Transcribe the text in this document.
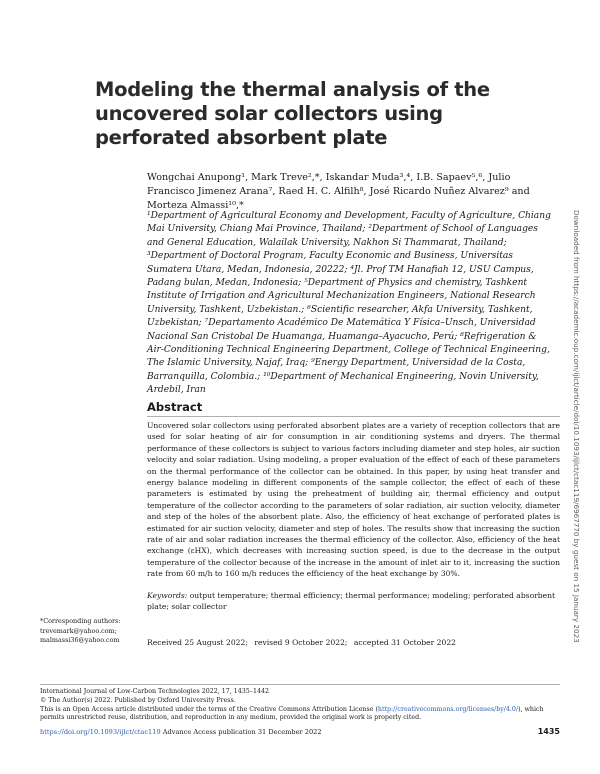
Modeling the thermal analysis of the uncovered solar collectors using perforated absorbent plate
Wongchai Anupong¹, Mark Treve²,*, Iskandar Muda³,⁴, I.B. Sapaev⁵,⁶, Julio Francisco Jimenez Arana⁷, Raed H. C. Alfilh⁸, José Ricardo Nuñez Alvarez⁹ and Morteza Almassi¹⁰,*
¹Department of Agricultural Economy and Development, Faculty of Agriculture, Chiang Mai University, Chiang Mai Province, Thailand; ²Department of School of Languages and General Education, Walailak University, Nakhon Si Thammarat, Thailand; ³Department of Doctoral Program, Faculty Economic and Business, Universitas Sumatera Utara, Medan, Indonesia, 20222; ⁴Jl. Prof TM Hanafiah 12, USU Campus, Padang bulan, Medan, Indonesia; ⁵Department of Physics and chemistry, Tashkent Institute of Irrigation and Agricultural Mechanization Engineers, National Research University, Tashkent, Uzbekistan.; ⁶Scientific researcher, Akfa University, Tashkent, Uzbekistan; ⁷Departamento Académico De Matemática Y Física–Unsch, Universidad Nacional San Cristobal De Huamanga, Huamanga–Ayacucho, Perú; ⁸Refrigeration & Air-Conditioning Technical Engineering Department, College of Technical Engineering, The Islamic University, Najaf, Iraq; ⁹Energy Department, Universidad de la Costa, Barranquilla, Colombia.; ¹⁰Department of Mechanical Engineering, Novin University, Ardebil, Iran
Abstract
Uncovered solar collectors using perforated absorbent plates are a variety of reception collectors that are used for solar heating of air for consumption in air conditioning systems and dryers. The thermal performance of these collectors is subject to various factors including diameter and step holes, air suction velocity and solar radiation. Using modeling, a proper evaluation of the effect of each of these parameters on the thermal performance of the collector can be obtained. In this paper, by using heat transfer and energy balance modeling in different components of the sample collector, the effect of each of these parameters is estimated by using the preheatment of building air, thermal efficiency and output temperature of the collector according to the parameters of solar radiation, air suction velocity, diameter and step of the holes of the absorbent plate. Also, the efficiency of heat exchange of perforated plates is estimated for air suction velocity, diameter and step of holes. The results show that increasing the suction rate of air and solar radiation increases the thermal efficiency of the collector. Also, efficiency of the heat exchange (εHX), which decreases with increasing suction speed, is due to the decrease in the output temperature of the collector because of the increase in the amount of inlet air to it, increasing the suction rate from 60 m/h to 160 m/h reduces the efficiency of the heat exchange by 30%.
Keywords: output temperature; thermal efficiency; thermal performance; modeling; perforated absorbent plate; solar collector
*Corresponding authors:
trevemark@yahoo.com;
malmassi36@yahoo.com	Received 25 August 2022; revised 9 October 2022; accepted 31 October 2022
International Journal of Low-Carbon Technologies 2022, 17, 1435–1442
© The Author(s) 2022. Published by Oxford University Press.
This is an Open Access article distributed under the terms of the Creative Commons Attribution License (http://creativecommons.org/licenses/by/4.0/), which permits unrestricted reuse, distribution, and reproduction in any medium, provided the original work is properly cited.
https://doi.org/10.1093/ijlct/ctac119 Advance Access publication 31 December 2022	1435
Downloaded from https://academic.oup.com/ijlct/article/doi/10.1093/ijlct/ctac119/6967770 by guest on 15 January 2023
